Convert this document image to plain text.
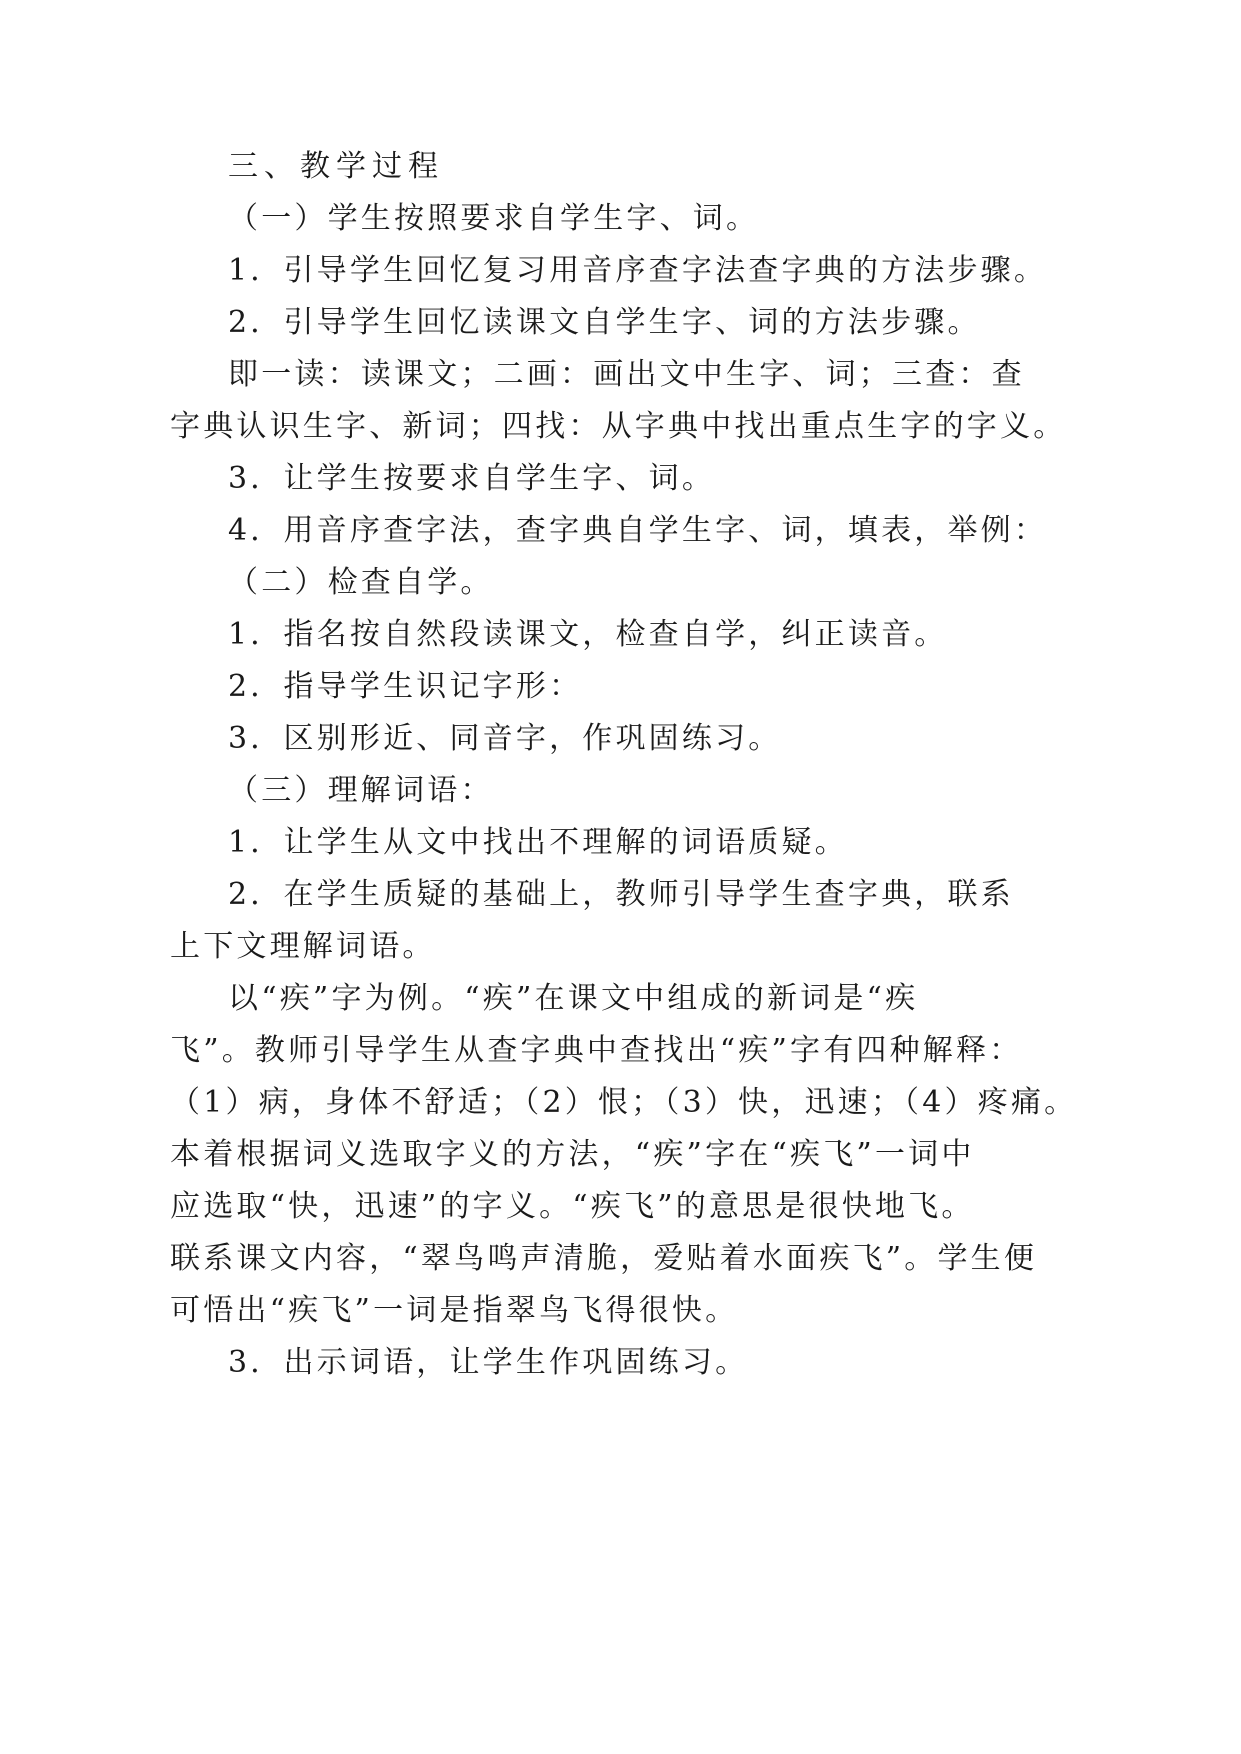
三、教学过程
（一）学生按照要求自学生字、词。
1．引导学生回忆复习用音序查字法查字典的方法步骤。
2．引导学生回忆读课文自学生字、词的方法步骤。
即一读：读课文；二画：画出文中生字、词；三查：查
字典认识生字、新词；四找：从字典中找出重点生字的字义。
3．让学生按要求自学生字、词。
4．用音序查字法，查字典自学生字、词，填表，举例：
（二）检查自学。
1．指名按自然段读课文，检查自学，纠正读音。
2．指导学生识记字形：
3．区别形近、同音字，作巩固练习。
（三）理解词语：
1．让学生从文中找出不理解的词语质疑。
2．在学生质疑的基础上，教师引导学生查字典，联系
上下文理解词语。
以“疾”字为例。“疾”在课文中组成的新词是“疾
飞”。教师引导学生从查字典中查找出“疾”字有四种解释：
（1）病，身体不舒适；（2）恨；（3）快，迅速；（4）疼痛。
本着根据词义选取字义的方法，“疾”字在“疾飞”一词中
应选取“快，迅速”的字义。“疾飞”的意思是很快地飞。
联系课文内容，“翠鸟鸣声清脆，爱贴着水面疾飞”。学生便
可悟出“疾飞”一词是指翠鸟飞得很快。
3．出示词语，让学生作巩固练习。
